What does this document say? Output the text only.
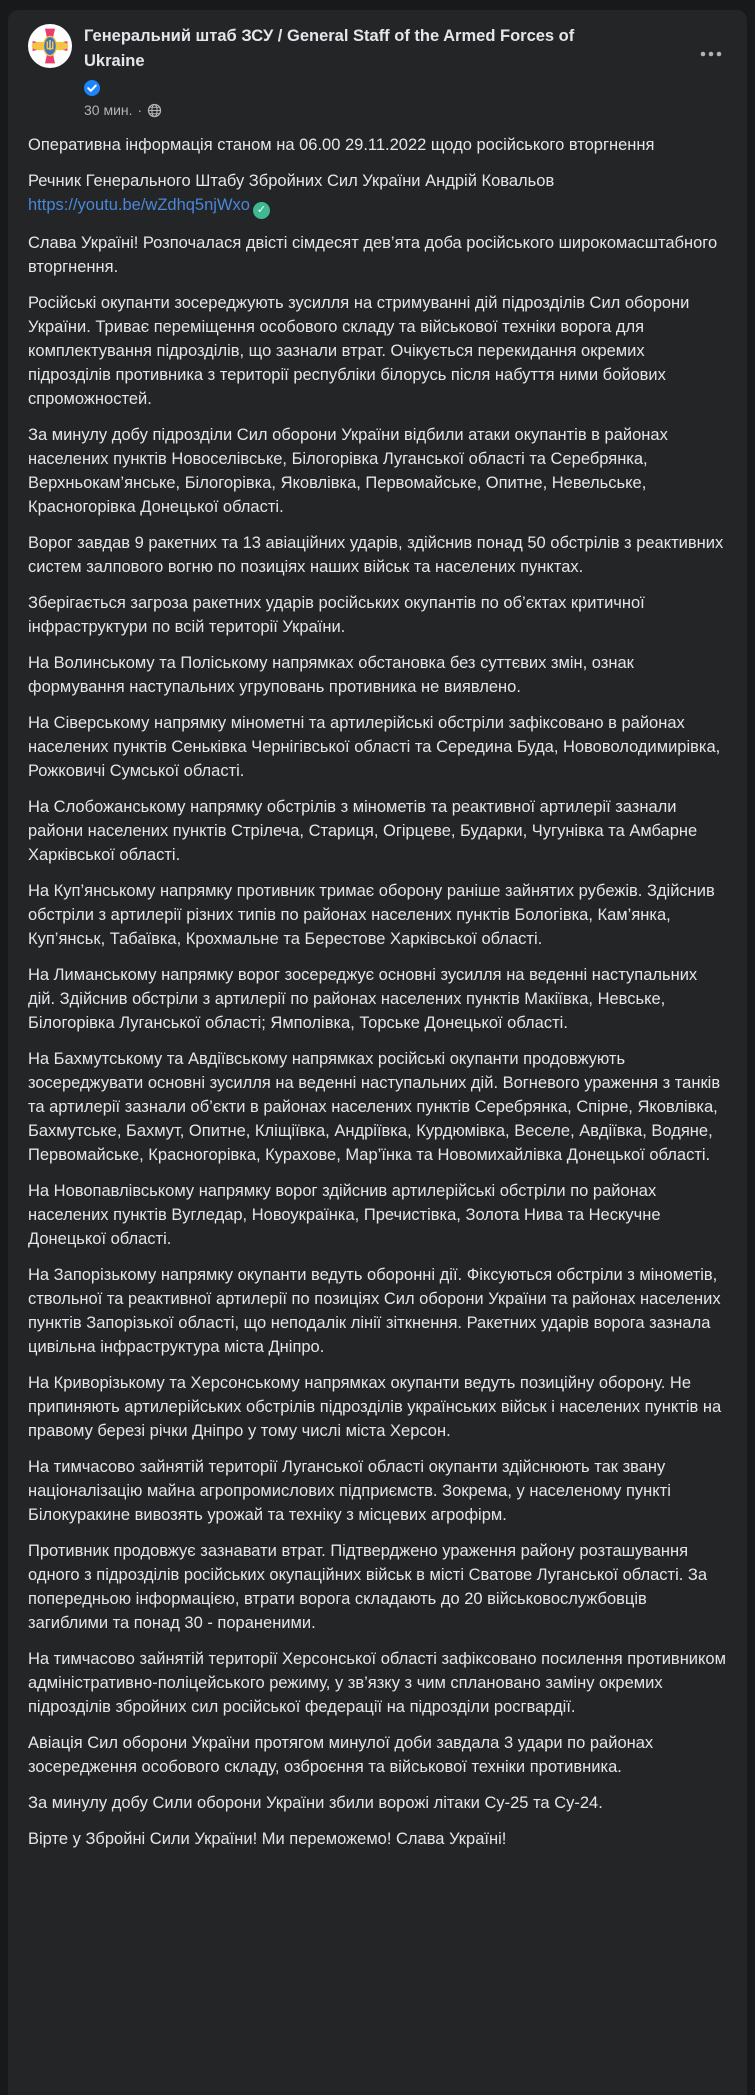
Генеральний штаб ЗСУ / General Staff of the Armed Forces of Ukraine
30 мин. ·

Оперативна інформація станом на 06.00 29.11.2022 щодо російського вторгнення

Речник Генерального Штабу Збройних Сил України Андрій Ковальов
https://youtu.be/wZdhq5njWxo ✓

Слава Україні! Розпочалася двісті сімдесят дев’ята доба російського широкомасштабного вторгнення.

Російські окупанти зосереджують зусилля на стримуванні дій підрозділів Сил оборони України. Триває переміщення особового складу та військової техніки ворога для комплектування підрозділів, що зазнали втрат. Очікується перекидання окремих підрозділів противника з території республіки білорусь після набуття ними бойових спроможностей.

За минулу добу підрозділи Сил оборони України відбили атаки окупантів в районах населених пунктів Новоселівське, Білогорівка Луганської області та Серебрянка, Верхньокам’янське, Білогорівка, Яковлівка, Первомайське, Опитне, Невельське, Красногорівка Донецької області.

Ворог завдав 9 ракетних та 13 авіаційних ударів, здійснив понад 50 обстрілів з реактивних систем залпового вогню по позиціях наших військ та населених пунктах.

Зберігається загроза ракетних ударів російських окупантів по об’єктах критичної інфраструктури по всій території України.

На Волинському та Поліському напрямках обстановка без суттєвих змін, ознак формування наступальних угруповань противника не виявлено.

На Сіверському напрямку мінометні та артилерійські обстріли зафіксовано в районах населених пунктів Сеньківка Чернігівської області та Середина Буда, Нововолодимирівка, Рожковичі Сумської області.

На Слобожанському напрямку обстрілів з мінометів та реактивної артилерії зазнали райони населених пунктів Стрілеча, Стариця, Огірцеве, Бударки, Чугунівка та Амбарне Харківської області.

На Куп’янському напрямку противник тримає оборону раніше зайнятих рубежів. Здійснив обстріли з артилерії різних типів по районах населених пунктів Бологівка, Кам’янка, Куп’янськ, Табаївка, Крохмальне та Берестове Харківської області.

На Лиманському напрямку ворог зосереджує основні зусилля на веденні наступальних дій. Здійснив обстріли з артилерії по районах населених пунктів Макіївка, Невське, Білогорівка Луганської області; Ямполівка, Торське Донецької області.

На Бахмутському та Авдіївському напрямках російські окупанти продовжують зосереджувати основні зусилля на веденні наступальних дій. Вогневого ураження з танків та артилерії зазнали об’єкти в районах населених пунктів Серебрянка, Спірне, Яковлівка, Бахмутське, Бахмут, Опитне, Кліщіївка, Андріївка, Курдюмівка, Веселе, Авдіївка, Водяне, Первомайське, Красногорівка, Курахове, Мар’їнка та Новомихайлівка Донецької області.

На Новопавлівському напрямку ворог здійснив артилерійські обстріли по районах населених пунктів Вугледар, Новоукраїнка, Пречистівка, Золота Нива та Нескучне Донецької області.

На Запорізькому напрямку окупанти ведуть оборонні дії. Фіксуються обстріли з мінометів, ствольної та реактивної артилерії по позиціях Сил оборони України та районах населених пунктів Запорізької області, що неподалік лінії зіткнення. Ракетних ударів ворога зазнала цивільна інфраструктура міста Дніпро.

На Криворізькому та Херсонському напрямках окупанти ведуть позиційну оборону. Не припиняють артилерійських обстрілів підрозділів українських військ і населених пунктів на правому березі річки Дніпро у тому числі міста Херсон.

На тимчасово зайнятій території Луганської області окупанти здійснюють так звану націоналізацію майна агропромислових підприємств. Зокрема, у населеному пункті Білокуракине вивозять урожай та техніку з місцевих агрофірм.

Противник продовжує зазнавати втрат. Підтверджено ураження району розташування одного з підрозділів російських окупаційних військ в місті Сватове Луганської області. За попередньою інформацією, втрати ворога складають до 20 військовослужбовців загиблими та понад 30 - пораненими.

На тимчасово зайнятій території Херсонської області зафіксовано посилення противником адміністративно-поліцейського режиму, у зв’язку з чим сплановано заміну окремих підрозділів збройних сил російської федерації на підрозділи росгвардії.

Авіація Сил оборони України протягом минулої доби завдала 3 удари по районах зосередження особового складу, озброєння та військової техніки противника.

За минулу добу Сили оборони України збили ворожі літаки Су-25 та Су-24.

Вірте у Збройні Сили України! Ми переможемо! Слава Україні!
